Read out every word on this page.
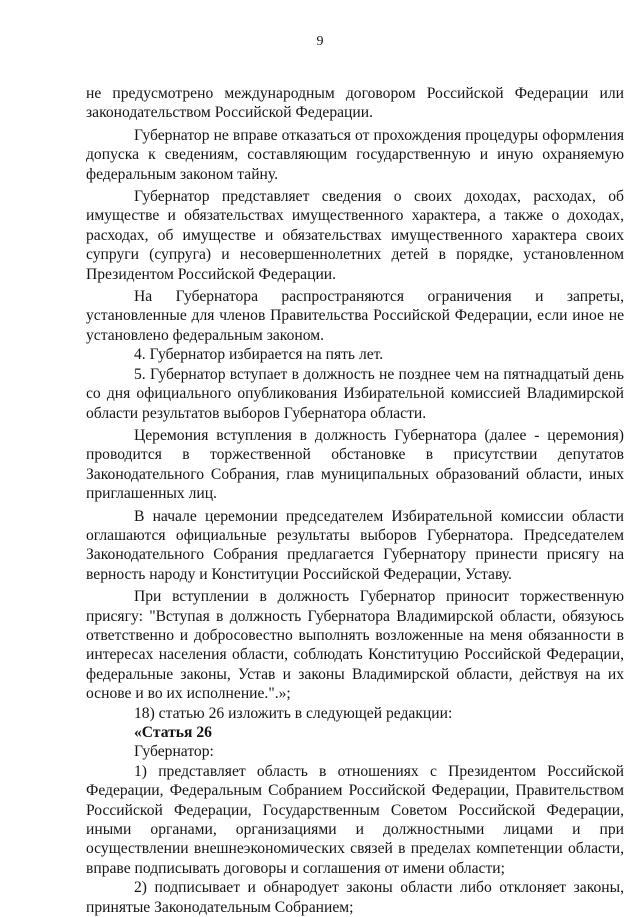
9

не предусмотрено международным договором Российской Федерации или законодательством Российской Федерации.

Губернатор не вправе отказаться от прохождения процедуры оформления допуска к сведениям, составляющим государственную и иную охраняемую федеральным законом тайну.

Губернатор представляет сведения о своих доходах, расходах, об имуществе и обязательствах имущественного характера, а также о доходах, расходах, об имуществе и обязательствах имущественного характера своих супруги (супруга) и несовершеннолетних детей в порядке, установленном Президентом Российской Федерации.

На Губернатора распространяются ограничения и запреты, установленные для членов Правительства Российской Федерации, если иное не установлено федеральным законом.

4. Губернатор избирается на пять лет.

5. Губернатор вступает в должность не позднее чем на пятнадцатый день со дня официального опубликования Избирательной комиссией Владимирской области результатов выборов Губернатора области.

Церемония вступления в должность Губернатора (далее - церемония) проводится в торжественной обстановке в присутствии депутатов Законодательного Собрания, глав муниципальных образований области, иных приглашенных лиц.

В начале церемонии председателем Избирательной комиссии области оглашаются официальные результаты выборов Губернатора. Председателем Законодательного Собрания предлагается Губернатору принести присягу на верность народу и Конституции Российской Федерации, Уставу.

При вступлении в должность Губернатор приносит торжественную присягу: "Вступая в должность Губернатора Владимирской области, обязуюсь ответственно и добросовестно выполнять возложенные на меня обязанности в интересах населения области, соблюдать Конституцию Российской Федерации, федеральные законы, Устав и законы Владимирской области, действуя на их основе и во их исполнение.".»;

18) статью 26 изложить в следующей редакции:

«Статья 26

Губернатор:

1) представляет область в отношениях с Президентом Российской Федерации, Федеральным Собранием Российской Федерации, Правительством Российской Федерации, Государственным Советом Российской Федерации, иными органами, организациями и должностными лицами и при осуществлении внешнеэкономических связей в пределах компетенции области, вправе подписывать договоры и соглашения от имени области;

2) подписывает и обнародует законы области либо отклоняет законы, принятые Законодательным Собранием;
